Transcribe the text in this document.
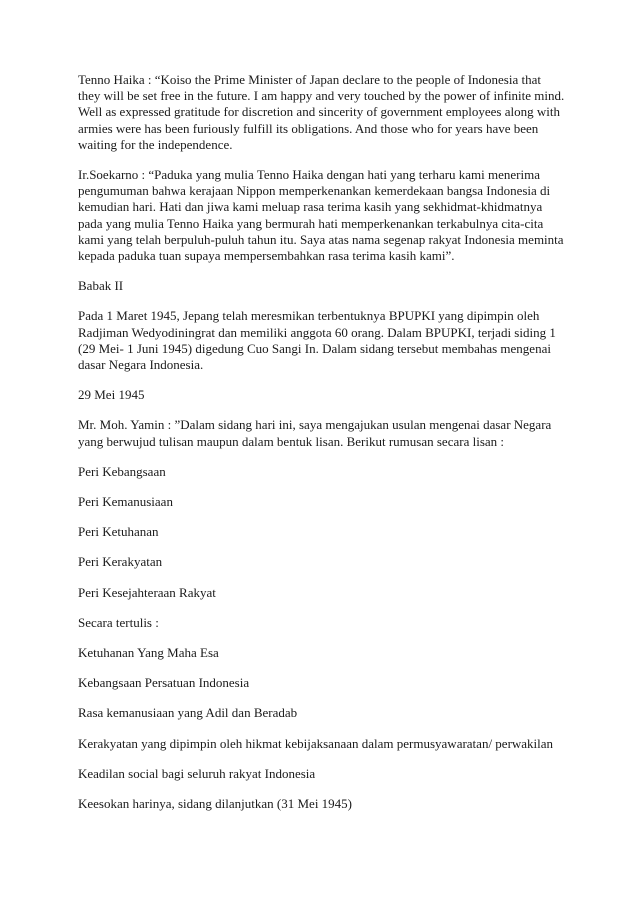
Tenno Haika : “Koiso the Prime Minister of Japan declare to the people of Indonesia that
they will be set free in the future. I am happy and very touched by the power of infinite mind.
Well as expressed gratitude for discretion and sincerity of government employees along with
armies were has been furiously fulfill its obligations. And those who for years have been
waiting for the independence.

Ir.Soekarno : “Paduka yang mulia Tenno Haika dengan hati yang terharu kami menerima
pengumuman bahwa kerajaan Nippon memperkenankan kemerdekaan bangsa Indonesia di
kemudian hari. Hati dan jiwa kami meluap rasa terima kasih yang sekhidmat-khidmatnya
pada yang mulia Tenno Haika yang bermurah hati memperkenankan terkabulnya cita-cita
kami yang telah berpuluh-puluh tahun itu. Saya atas nama segenap rakyat Indonesia meminta
kepada paduka tuan supaya mempersembahkan rasa terima kasih kami”.

Babak II

Pada 1 Maret 1945, Jepang telah meresmikan terbentuknya BPUPKI yang dipimpin oleh
Radjiman Wedyodiningrat dan memiliki anggota 60 orang. Dalam BPUPKI, terjadi siding 1
(29 Mei- 1 Juni 1945) digedung Cuo Sangi In. Dalam sidang tersebut membahas mengenai
dasar Negara Indonesia.

29 Mei 1945

Mr. Moh. Yamin : ”Dalam sidang hari ini, saya mengajukan usulan mengenai dasar Negara
yang berwujud tulisan maupun dalam bentuk lisan. Berikut rumusan secara lisan :

Peri Kebangsaan

Peri Kemanusiaan

Peri Ketuhanan

Peri Kerakyatan

Peri Kesejahteraan Rakyat

Secara tertulis :

Ketuhanan Yang Maha Esa

Kebangsaan Persatuan Indonesia

Rasa kemanusiaan yang Adil dan Beradab

Kerakyatan yang dipimpin oleh hikmat kebijaksanaan dalam permusyawaratan/ perwakilan

Keadilan social bagi seluruh rakyat Indonesia

Keesokan harinya, sidang dilanjutkan (31 Mei 1945)
